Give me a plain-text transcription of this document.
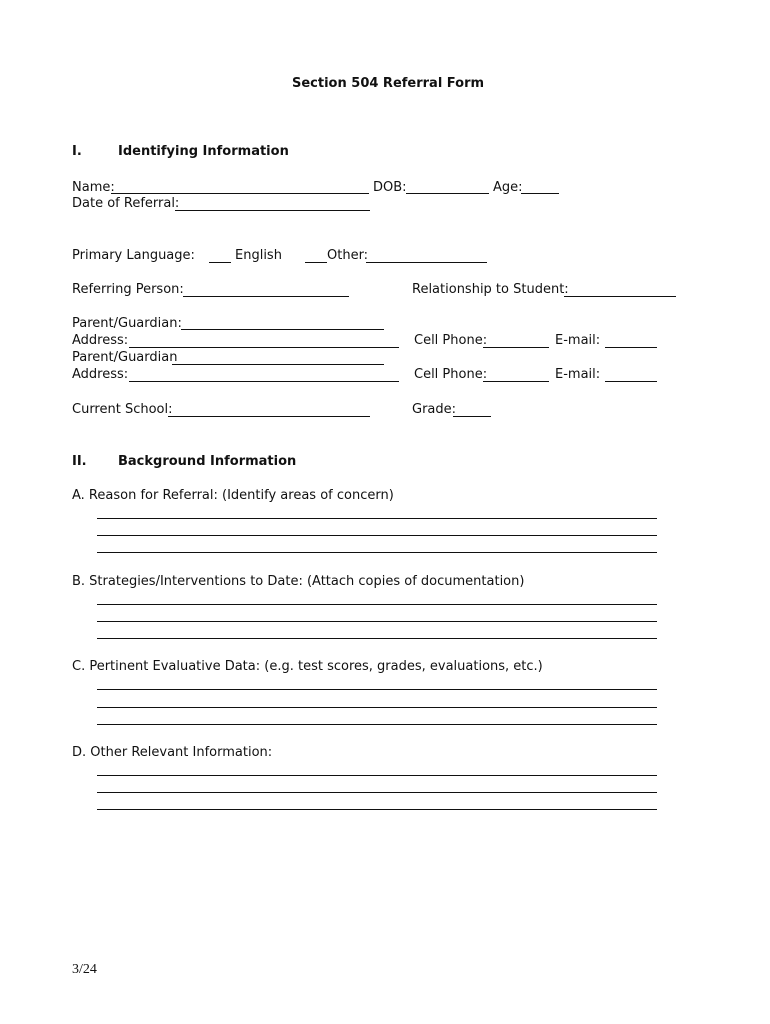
Section 504 Referral Form
I.	Identifying Information
Name:	DOB:	Age:
Date of Referral:
Primary Language:	English	Other:
Referring Person:	Relationship to Student:
Parent/Guardian:
Address:	Cell Phone:	E-mail:
Parent/Guardian
Address:	Cell Phone:	E-mail:
Current School:	Grade:
II. Background Information
A. Reason for Referral: (Identify areas of concern)
B. Strategies/Interventions to Date: (Attach copies of documentation)
C. Pertinent Evaluative Data: (e.g. test scores, grades, evaluations, etc.)
D. Other Relevant Information:
3/24
